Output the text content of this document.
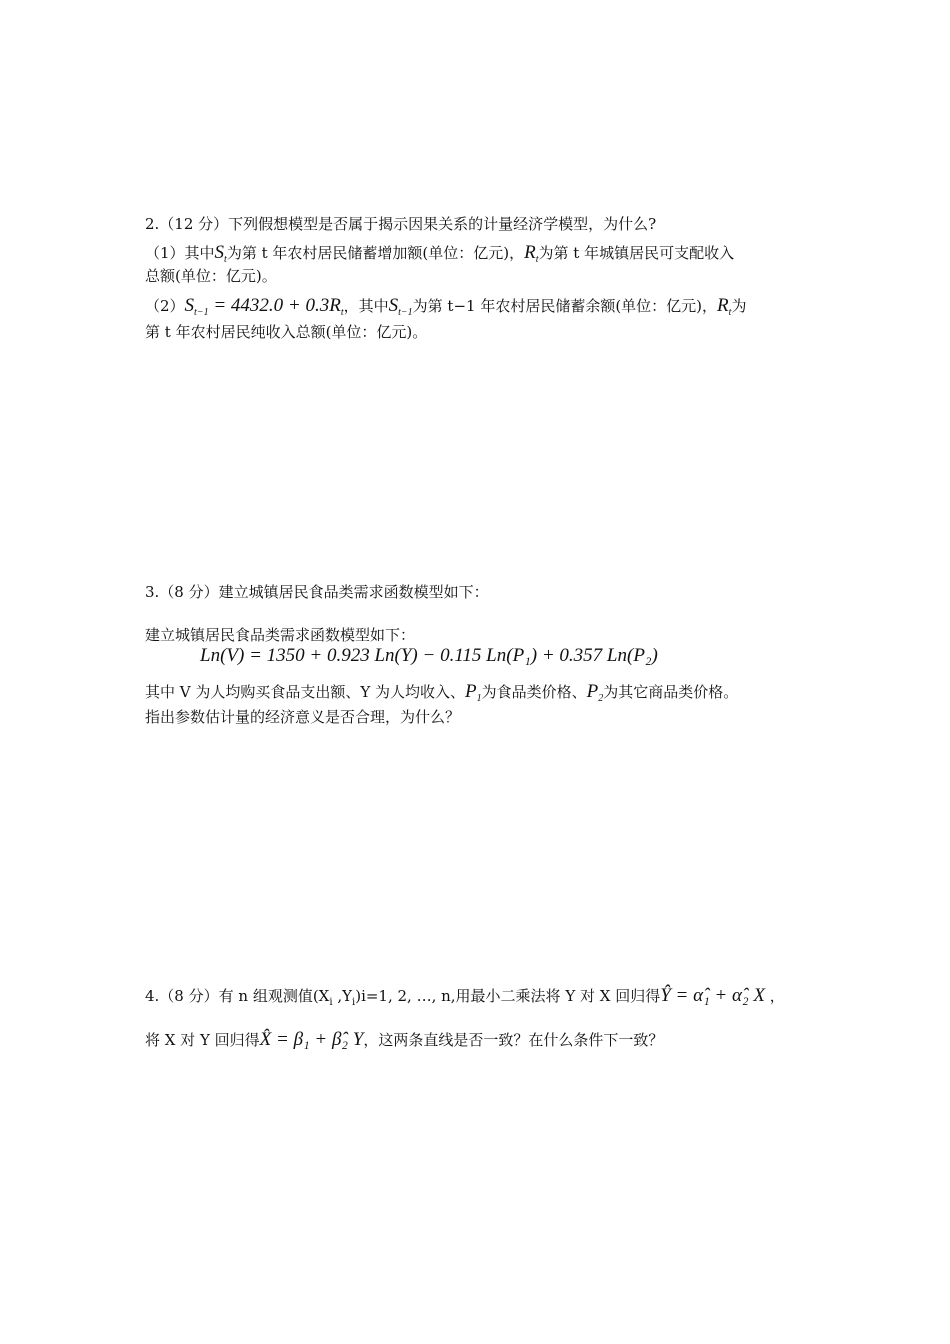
2.（12 分）下列假想模型是否属于揭示因果关系的计量经济学模型，为什么?
（1）其中$S_t$为第 t 年农村居民储蓄增加额(单位：亿元)，$R_t$为第 t 年城镇居民可支配收入
总额(单位：亿元)。
$(2)S_{t-1} = 4432.0 + 0.3R_t$，其中$S_{t-1}$为第 t−1 年农村居民储蓄余额(单位：亿元)，$R_t$为
第 t 年农村居民纯收入总额(单位：亿元)。
3.（8 分）建立城镇居民食品类需求函数模型如下：
建立城镇居民食品类需求函数模型如下：
Ln(V) = 1350 + 0.923 Ln(Y) − 0.115 Ln(P₁) + 0.357 Ln(P₂)
其中 V 为人均购买食品支出额、Y 为人均收入、$P_1$为食品类价格、$P_2$为其它商品类价格。
指出参数估计量的经济意义是否合理，为什么？
4.（8 分）有 n 组观测值($X_i$ $,Y_i)i=1$, 2, …, n,用最小二乘法将 Y 对 X 回归得Ŷ = α̂₁ + α̂₂ X ，
将 X 对 Y 回归得X̂ = β₁ + β̂₂ Y，这两条直线是否一致？在什么条件下一致？
